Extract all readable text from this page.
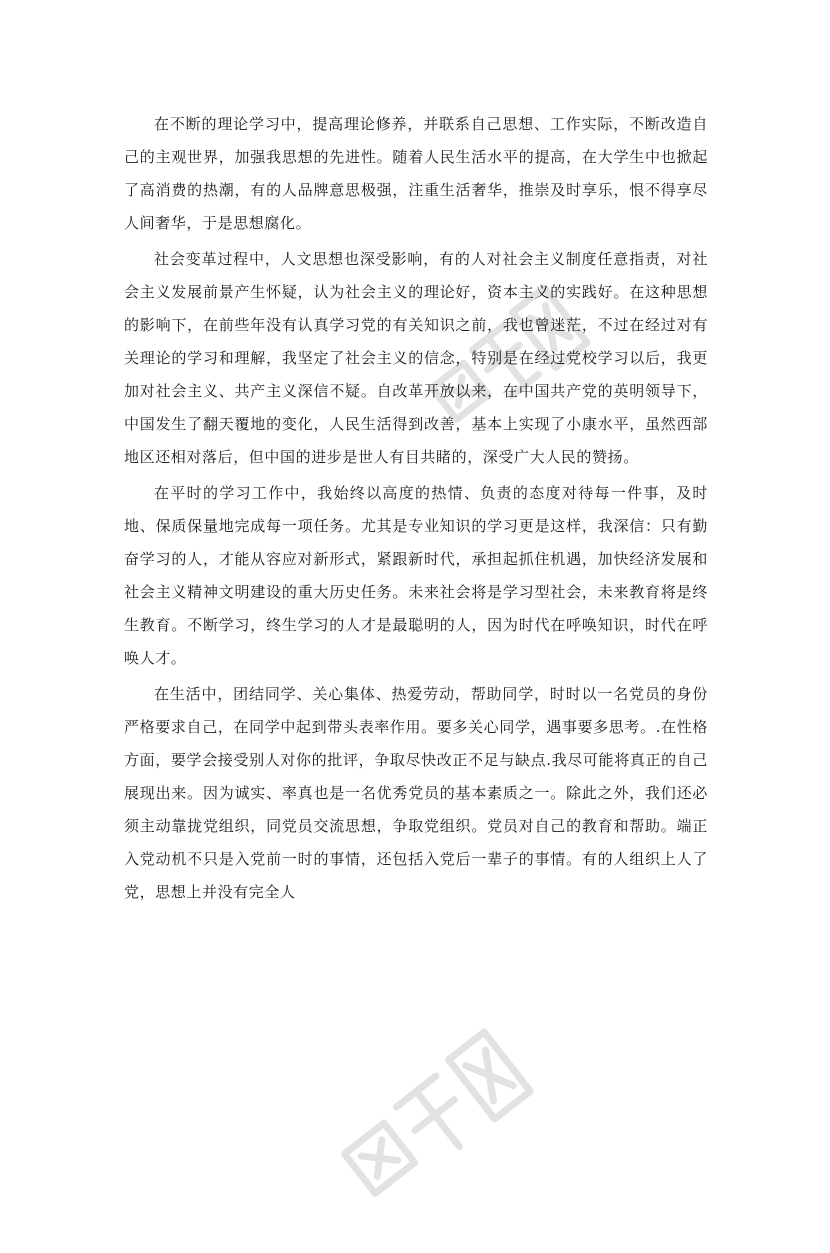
在不断的理论学习中，提高理论修养，并联系自己思想、工作实际，不断改造自己的主观世界，加强我思想的先进性。随着人民生活水平的提高，在大学生中也掀起了高消费的热潮，有的人品牌意思极强，注重生活奢华，推崇及时享乐，恨不得享尽人间奢华，于是思想腐化。

社会变革过程中，人文思想也深受影响，有的人对社会主义制度任意指责，对社会主义发展前景产生怀疑，认为社会主义的理论好，资本主义的实践好。在这种思想的影响下，在前些年没有认真学习党的有关知识之前，我也曾迷茫，不过在经过对有关理论的学习和理解，我坚定了社会主义的信念，特别是在经过党校学习以后，我更加对社会主义、共产主义深信不疑。自改革开放以来，在中国共产党的英明领导下，中国发生了翻天覆地的变化，人民生活得到改善，基本上实现了小康水平，虽然西部地区还相对落后，但中国的进步是世人有目共睹的，深受广大人民的赞扬。

在平时的学习工作中，我始终以高度的热情、负责的态度对待每一件事，及时地、保质保量地完成每一项任务。尤其是专业知识的学习更是这样，我深信：只有勤奋学习的人，才能从容应对新形式，紧跟新时代，承担起抓住机遇，加快经济发展和社会主义精神文明建设的重大历史任务。未来社会将是学习型社会，未来教育将是终生教育。不断学习，终生学习的人才是最聪明的人，因为时代在呼唤知识，时代在呼唤人才。

在生活中，团结同学、关心集体、热爱劳动，帮助同学，时时以一名党员的身份严格要求自己，在同学中起到带头表率作用。要多关心同学，遇事要多思考。.在性格方面，要学会接受别人对你的批评，争取尽快改正不足与缺点.我尽可能将真正的自己展现出来。因为诚实、率真也是一名优秀党员的基本素质之一。除此之外，我们还必须主动靠拢党组织，同党员交流思想，争取党组织。党员对自己的教育和帮助。端正入党动机不只是入党前一时的事情，还包括入党后一辈子的事情。有的人组织上人了党，思想上并没有完全人
